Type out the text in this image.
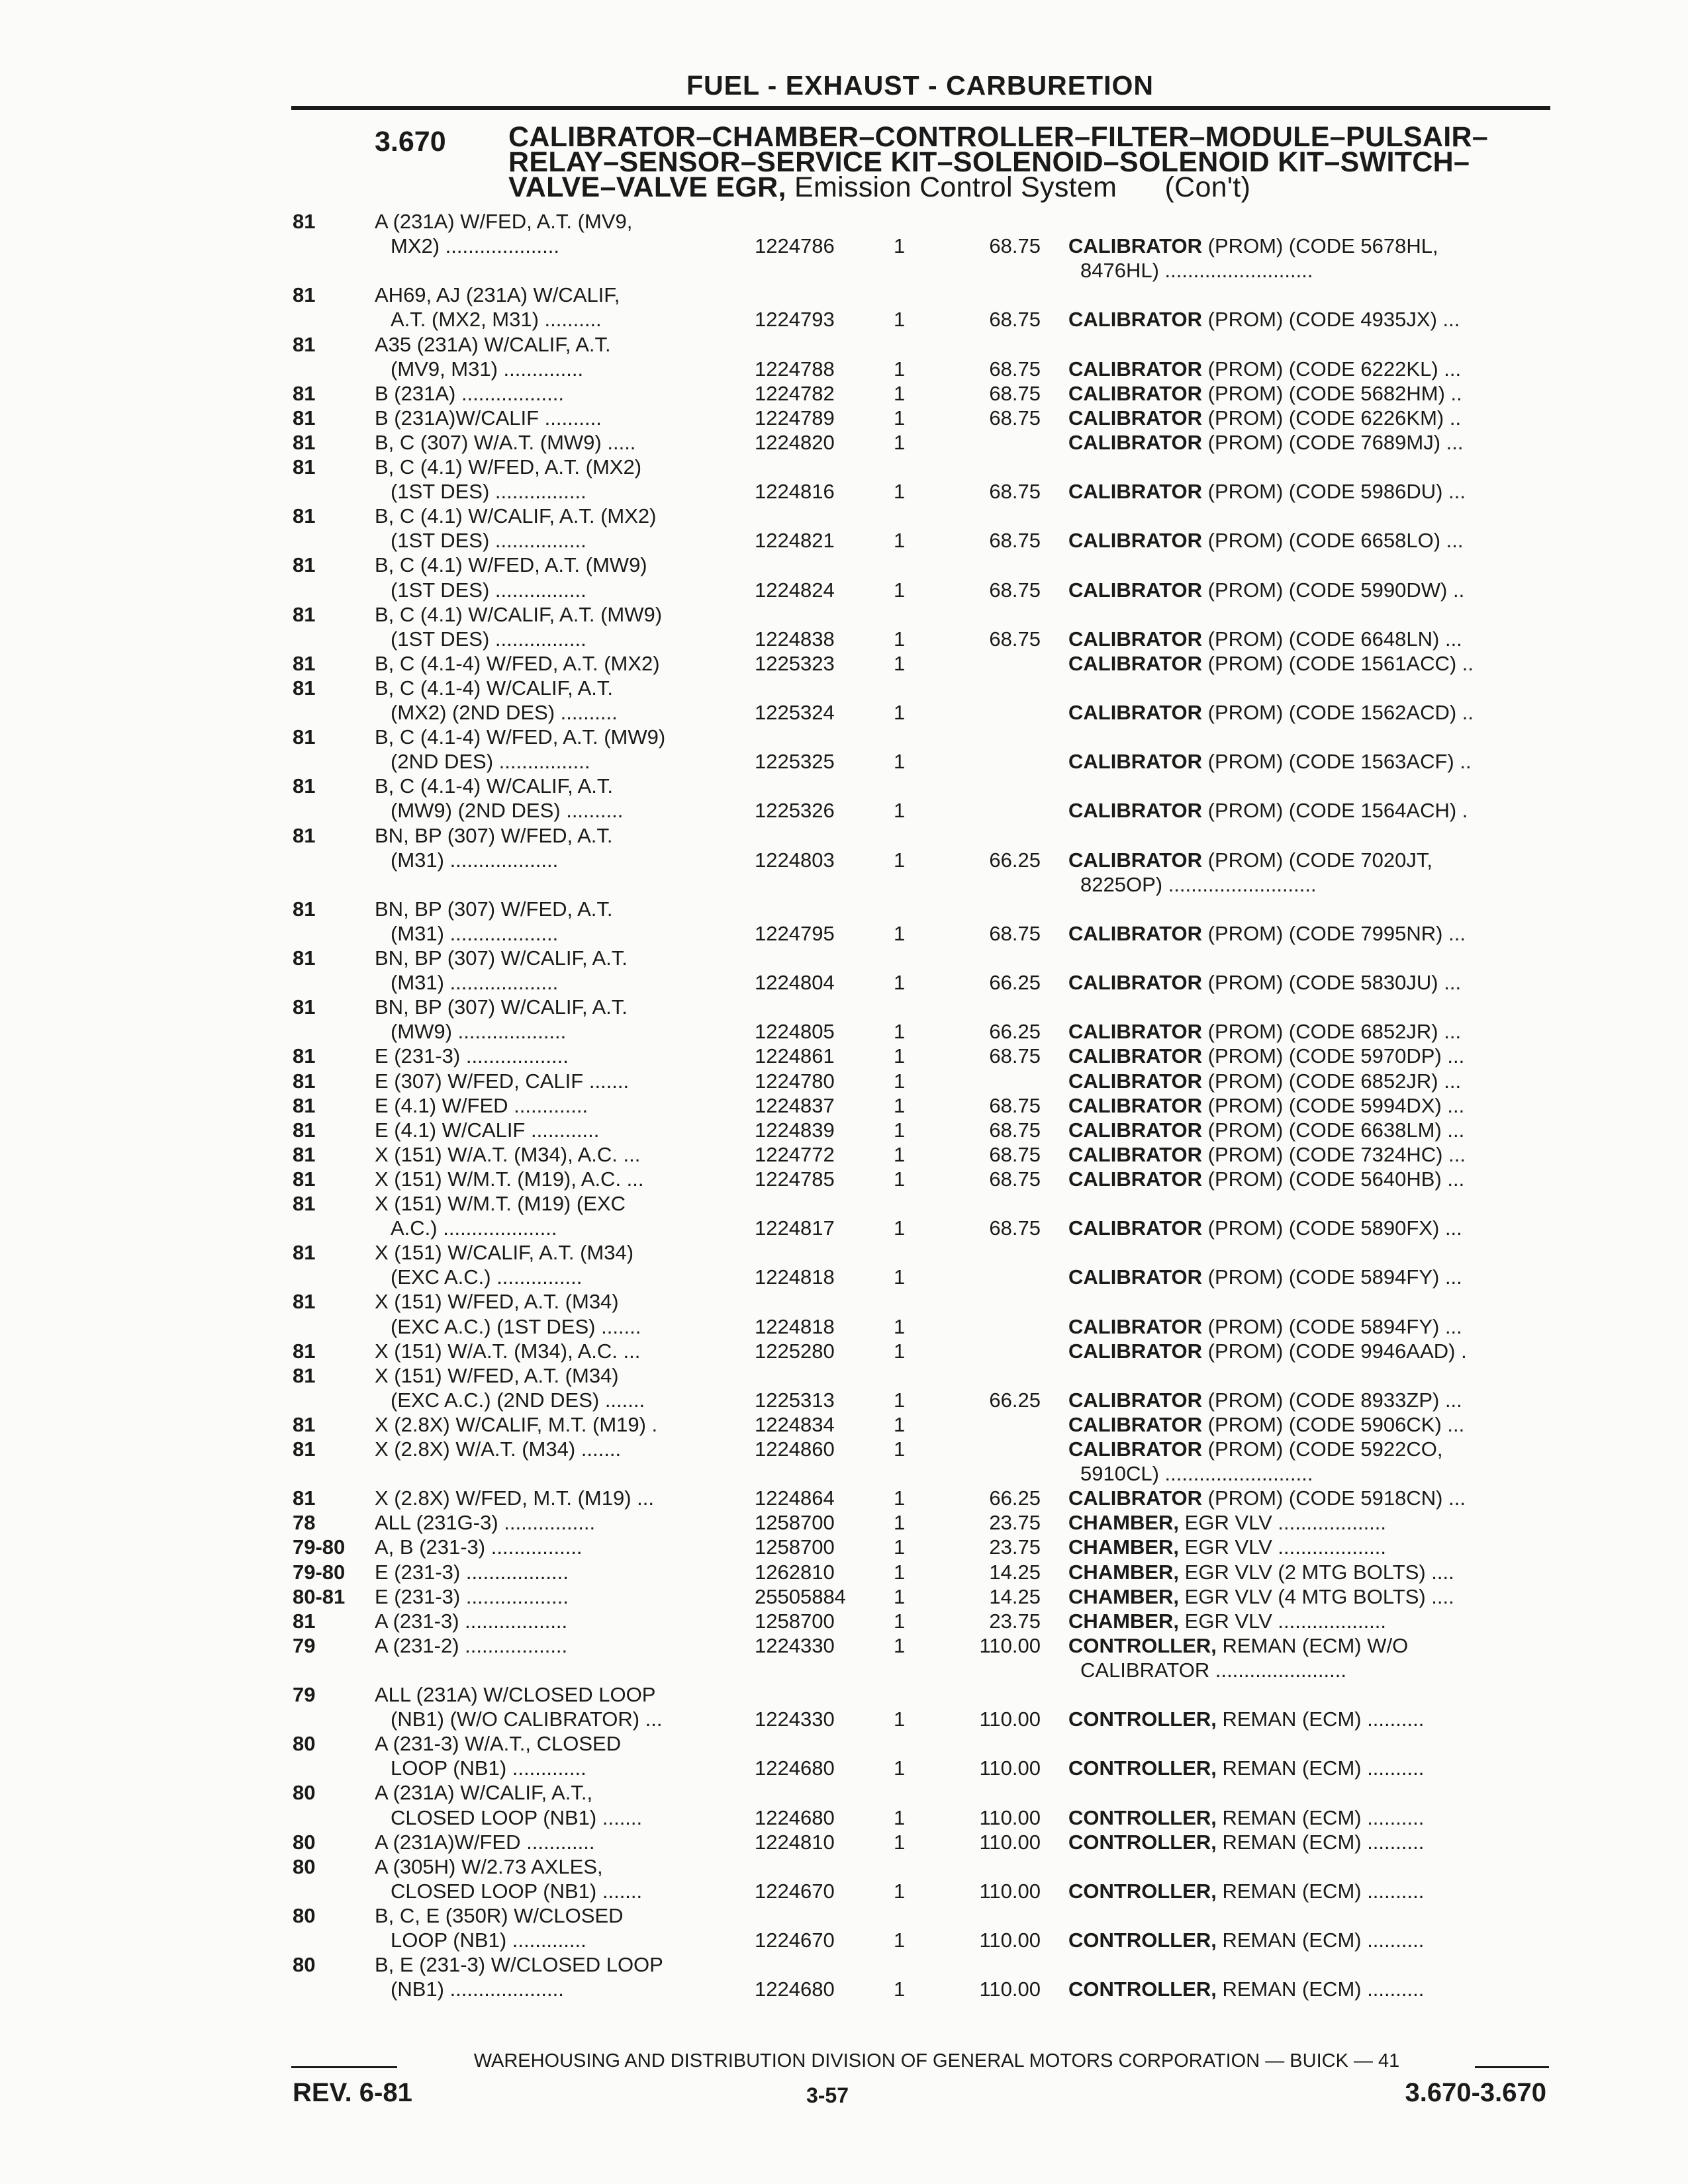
FUEL - EXHAUST - CARBURETION
3.670 CALIBRATOR–CHAMBER–CONTROLLER–FILTER–MODULE–PULSAIR–RELAY–SENSOR–SERVICE KIT–SOLENOID–SOLENOID KIT–SWITCH–VALVE–VALVE EGR, Emission Control System (Con't)
81	A (231A) W/FED, A.T. (MV9,
MX2) ....................	1224786	1	68.75 CALIBRATOR (PROM) (CODE 5678HL,
8476HL) ..........................
81	AH69, AJ (231A) W/CALIF,
A.T. (MX2, M31) ..........	1224793	1	68.75 CALIBRATOR (PROM) (CODE 4935JX) ...
81	A35 (231A) W/CALIF, A.T.
(MV9, M31) ..............	1224788	1	68.75 CALIBRATOR (PROM) (CODE 6222KL) ...
81	B (231A) ..................	1224782	1	68.75 CALIBRATOR (PROM) (CODE 5682HM) ..
81	B (231A)W/CALIF ..........	1224789	1	68.75 CALIBRATOR (PROM) (CODE 6226KM) ..
81	B, C (307) W/A.T. (MW9) .....	1224820	1	CALIBRATOR (PROM) (CODE 7689MJ) ...
81	B, C (4.1) W/FED, A.T. (MX2)
(1ST DES) ................	1224816	1	68.75 CALIBRATOR (PROM) (CODE 5986DU) ...
81	B, C (4.1) W/CALIF, A.T. (MX2)
(1ST DES) ................	1224821	1	68.75 CALIBRATOR (PROM) (CODE 6658LO) ...
81	B, C (4.1) W/FED, A.T. (MW9)
(1ST DES) ................	1224824	1	68.75 CALIBRATOR (PROM) (CODE 5990DW) ..
81	B, C (4.1) W/CALIF, A.T. (MW9)
(1ST DES) ................	1224838	1	68.75 CALIBRATOR (PROM) (CODE 6648LN) ...
81	B, C (4.1-4) W/FED, A.T. (MX2)	1225323	1	CALIBRATOR (PROM) (CODE 1561ACC) ..
81	B, C (4.1-4) W/CALIF, A.T.
(MX2) (2ND DES) ..........	1225324	1	CALIBRATOR (PROM) (CODE 1562ACD) ..
81	B, C (4.1-4) W/FED, A.T. (MW9)
(2ND DES) ................	1225325	1	CALIBRATOR (PROM) (CODE 1563ACF) ..
81	B, C (4.1-4) W/CALIF, A.T.
(MW9) (2ND DES) ..........	1225326	1	CALIBRATOR (PROM) (CODE 1564ACH) .
81	BN, BP (307) W/FED, A.T.
(M31) ...................	1224803	1	66.25 CALIBRATOR (PROM) (CODE 7020JT,
8225OP) ..........................
81	BN, BP (307) W/FED, A.T.
(M31) ...................	1224795	1	68.75 CALIBRATOR (PROM) (CODE 7995NR) ...
81	BN, BP (307) W/CALIF, A.T.
(M31) ...................	1224804	1	66.25 CALIBRATOR (PROM) (CODE 5830JU) ...
81	BN, BP (307) W/CALIF, A.T.
(MW9) ...................	1224805	1	66.25 CALIBRATOR (PROM) (CODE 6852JR) ...
81	E (231-3) ..................	1224861	1	68.75 CALIBRATOR (PROM) (CODE 5970DP) ...
81	E (307) W/FED, CALIF .......	1224780	1	CALIBRATOR (PROM) (CODE 6852JR) ...
81	E (4.1) W/FED .............	1224837	1	68.75 CALIBRATOR (PROM) (CODE 5994DX) ...
81	E (4.1) W/CALIF ............	1224839	1	68.75 CALIBRATOR (PROM) (CODE 6638LM) ...
81	X (151) W/A.T. (M34), A.C. ...	1224772	1	68.75 CALIBRATOR (PROM) (CODE 7324HC) ...
81	X (151) W/M.T. (M19), A.C. ...	1224785	1	68.75 CALIBRATOR (PROM) (CODE 5640HB) ...
81	X (151) W/M.T. (M19) (EXC
A.C.) ....................	1224817	1	68.75 CALIBRATOR (PROM) (CODE 5890FX) ...
81	X (151) W/CALIF, A.T. (M34)
(EXC A.C.) ...............	1224818	1	CALIBRATOR (PROM) (CODE 5894FY) ...
81	X (151) W/FED, A.T. (M34)
(EXC A.C.) (1ST DES) .......	1224818	1	CALIBRATOR (PROM) (CODE 5894FY) ...
81	X (151) W/A.T. (M34), A.C. ...	1225280	1	CALIBRATOR (PROM) (CODE 9946AAD) .
81	X (151) W/FED, A.T. (M34)
(EXC A.C.) (2ND DES) .......	1225313	1	66.25 CALIBRATOR (PROM) (CODE 8933ZP) ...
81	X (2.8X) W/CALIF, M.T. (M19) .	1224834	1	CALIBRATOR (PROM) (CODE 5906CK) ...
81	X (2.8X) W/A.T. (M34) .......	1224860	1	CALIBRATOR (PROM) (CODE 5922CO,
5910CL) ..........................
81	X (2.8X) W/FED, M.T. (M19) ...	1224864	1	66.25 CALIBRATOR (PROM) (CODE 5918CN) ...
78	ALL (231G-3) ................	1258700	1	23.75 CHAMBER, EGR VLV ...................
79-80 A, B (231-3) ................	1258700	1	23.75 CHAMBER, EGR VLV ...................
79-80 E (231-3) ..................	1262810	1	14.25 CHAMBER, EGR VLV (2 MTG BOLTS) ....
80-81 E (231-3) ..................	25505884 1	14.25 CHAMBER, EGR VLV (4 MTG BOLTS) ....
81	A (231-3) ..................	1258700	1	23.75 CHAMBER, EGR VLV ...................
79	A (231-2) ..................	1224330	1	110.00 CONTROLLER, REMAN (ECM) W/O
CALIBRATOR .......................
79	ALL (231A) W/CLOSED LOOP
(NB1) (W/O CALIBRATOR) ...	1224330	1	110.00 CONTROLLER, REMAN (ECM) ..........
80	A (231-3) W/A.T., CLOSED
LOOP (NB1) .............	1224680	1	110.00 CONTROLLER, REMAN (ECM) ..........
80	A (231A) W/CALIF, A.T.,
CLOSED LOOP (NB1) .......	1224680	1	110.00 CONTROLLER, REMAN (ECM) ..........
80	A (231A)W/FED ............	1224810	1	110.00 CONTROLLER, REMAN (ECM) ..........
80	A (305H) W/2.73 AXLES,
CLOSED LOOP (NB1) .......	1224670	1	110.00 CONTROLLER, REMAN (ECM) ..........
80	B, C, E (350R) W/CLOSED
LOOP (NB1) .............	1224670	1	110.00 CONTROLLER, REMAN (ECM) ..........
80	B, E (231-3) W/CLOSED LOOP
(NB1) ....................	1224680	1	110.00 CONTROLLER, REMAN (ECM) ..........
WAREHOUSING AND DISTRIBUTION DIVISION OF GENERAL MOTORS CORPORATION — BUICK — 41
REV. 6-81	3-57	3.670-3.670
